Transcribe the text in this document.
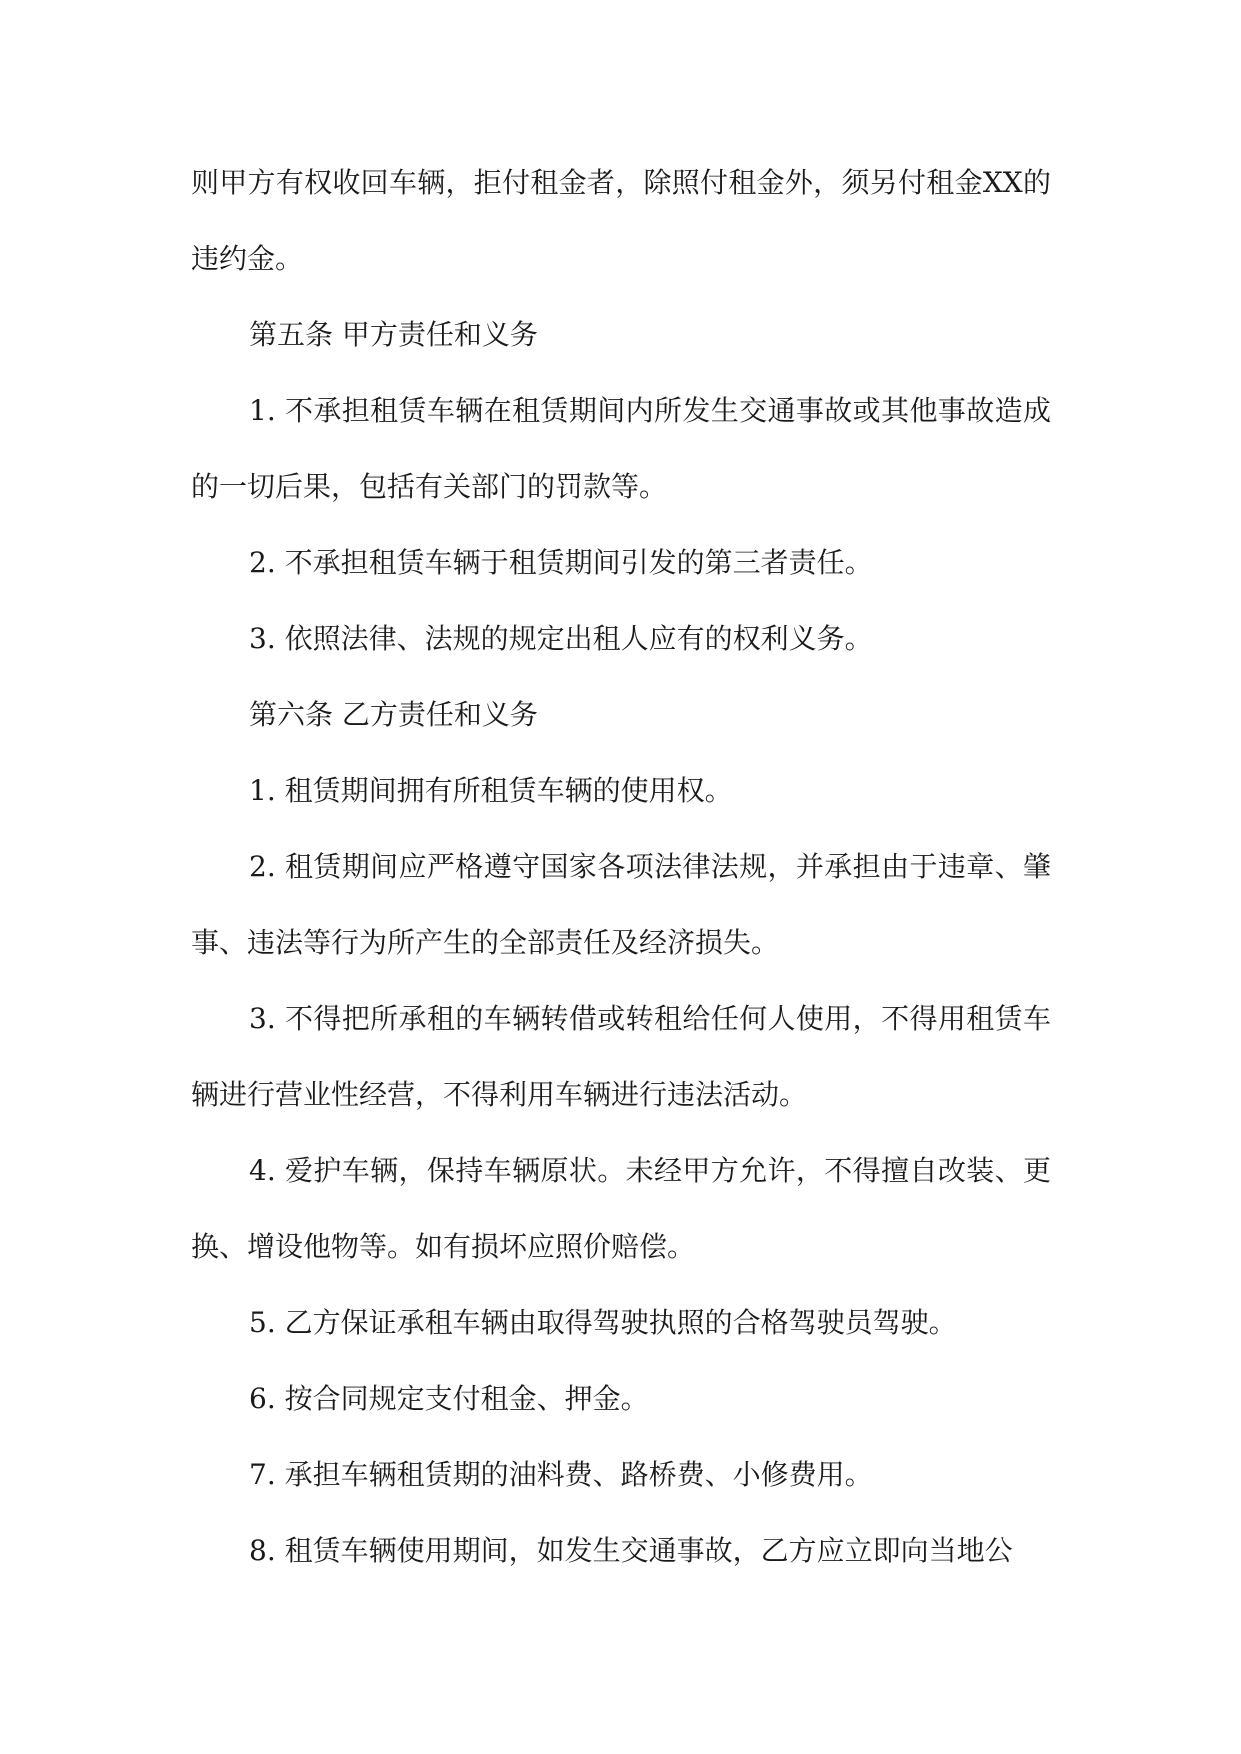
则甲方有权收回车辆，拒付租金者，除照付租金外，须另付租金XX的违约金。

第五条 甲方责任和义务

1. 不承担租赁车辆在租赁期间内所发生交通事故或其他事故造成的一切后果，包括有关部门的罚款等。

2. 不承担租赁车辆于租赁期间引发的第三者责任。

3. 依照法律、法规的规定出租人应有的权利义务。

第六条 乙方责任和义务

1. 租赁期间拥有所租赁车辆的使用权。

2. 租赁期间应严格遵守国家各项法律法规，并承担由于违章、肇事、违法等行为所产生的全部责任及经济损失。

3. 不得把所承租的车辆转借或转租给任何人使用，不得用租赁车辆进行营业性经营，不得利用车辆进行违法活动。

4. 爱护车辆，保持车辆原状。未经甲方允许，不得擅自改装、更换、增设他物等。如有损坏应照价赔偿。

5. 乙方保证承租车辆由取得驾驶执照的合格驾驶员驾驶。

6. 按合同规定支付租金、押金。

7. 承担车辆租赁期的油料费、路桥费、小修费用。

8. 租赁车辆使用期间，如发生交通事故，乙方应立即向当地公
